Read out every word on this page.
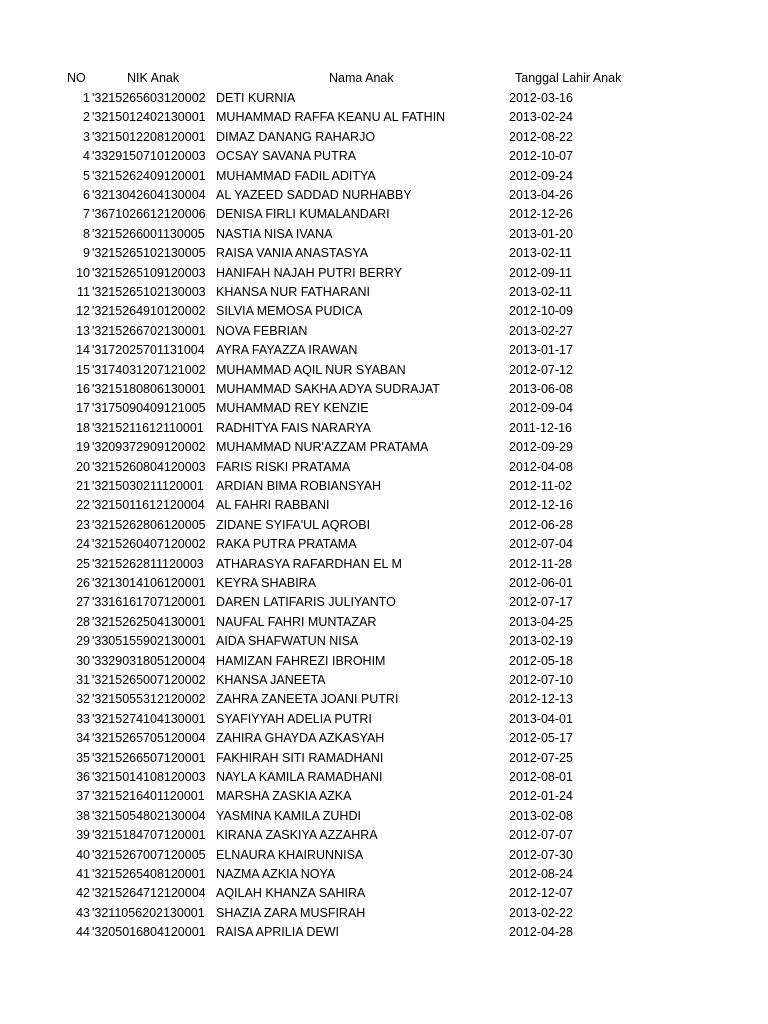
NO	NIK Anak	Nama Anak	Tanggal Lahir Anak
1 '3215265603120002 DETI KURNIA	2012-03-16
2 '3215012402130001 MUHAMMAD RAFFA KEANU AL FATHIN	2013-02-24
3 '3215012208120001 DIMAZ DANANG RAHARJO	2012-08-22
4 '3329150710120003 OCSAY SAVANA PUTRA	2012-10-07
5 '3215262409120001 MUHAMMAD FADIL ADITYA	2012-09-24
6 '3213042604130004 AL YAZEED SADDAD NURHABBY	2013-04-26
7 '3671026612120006 DENISA FIRLI KUMALANDARI	2012-12-26
8 '3215266001130005 NASTIA NISA IVANA	2013-01-20
9 '3215265102130005 RAISA VANIA ANASTASYA	2013-02-11
10 '3215265109120003 HANIFAH NAJAH PUTRI BERRY	2012-09-11
11 '3215265102130003 KHANSA NUR FATHARANI	2013-02-11
12 '3215264910120002 SILVIA MEMOSA PUDICA	2012-10-09
13 '3215266702130001 NOVA FEBRIAN	2013-02-27
14 '3172025701131004 AYRA FAYAZZA IRAWAN	2013-01-17
15 '3174031207121002 MUHAMMAD AQIL NUR SYABAN	2012-07-12
16 '3215180806130001 MUHAMMAD SAKHA ADYA SUDRAJAT	2013-06-08
17 '3175090409121005 MUHAMMAD REY KENZIE	2012-09-04
18 '3215211612110001 RADHITYA FAIS NARARYA	2011-12-16
19 '3209372909120002 MUHAMMAD NUR'AZZAM PRATAMA	2012-09-29
20 '3215260804120003 FARIS RISKI PRATAMA	2012-04-08
21 '3215030211120001 ARDIAN BIMA ROBIANSYAH	2012-11-02
22 '3215011612120004 AL FAHRI RABBANI	2012-12-16
23 '3215262806120005 ZIDANE SYIFA'UL AQROBI	2012-06-28
24 '3215260407120002 RAKA PUTRA PRATAMA	2012-07-04
25 '3215262811120003 ATHARASYA RAFARDHAN EL M	2012-11-28
26 '3213014106120001 KEYRA SHABIRA	2012-06-01
27 '3316161707120001 DAREN LATIFARIS JULIYANTO	2012-07-17
28 '3215262504130001 NAUFAL FAHRI MUNTAZAR	2013-04-25
29 '3305155902130001 AIDA SHAFWATUN NISA	2013-02-19
30 '3329031805120004 HAMIZAN FAHREZI IBROHIM	2012-05-18
31 '3215265007120002 KHANSA JANEETA	2012-07-10
32 '3215055312120002 ZAHRA ZANEETA JOANI PUTRI	2012-12-13
33 '3215274104130001 SYAFIYYAH ADELIA PUTRI	2013-04-01
34 '3215265705120004 ZAHIRA GHAYDA AZKASYAH	2012-05-17
35 '3215266507120001 FAKHIRAH SITI RAMADHANI	2012-07-25
36 '3215014108120003 NAYLA KAMILA RAMADHANI	2012-08-01
37 '3215216401120001 MARSHA ZASKIA AZKA	2012-01-24
38 '3215054802130004 YASMINA KAMILA ZUHDI	2013-02-08
39 '3215184707120001 KIRANA ZASKIYA AZZAHRA	2012-07-07
40 '3215267007120005 ELNAURA KHAIRUNNISA	2012-07-30
41 '3215265408120001 NAZMA AZKIA NOYA	2012-08-24
42 '3215264712120004 AQILAH KHANZA SAHIRA	2012-12-07
43 '3211056202130001 SHAZIA ZARA MUSFIRAH	2013-02-22
44 '3205016804120001 RAISA APRILIA DEWI	2012-04-28
